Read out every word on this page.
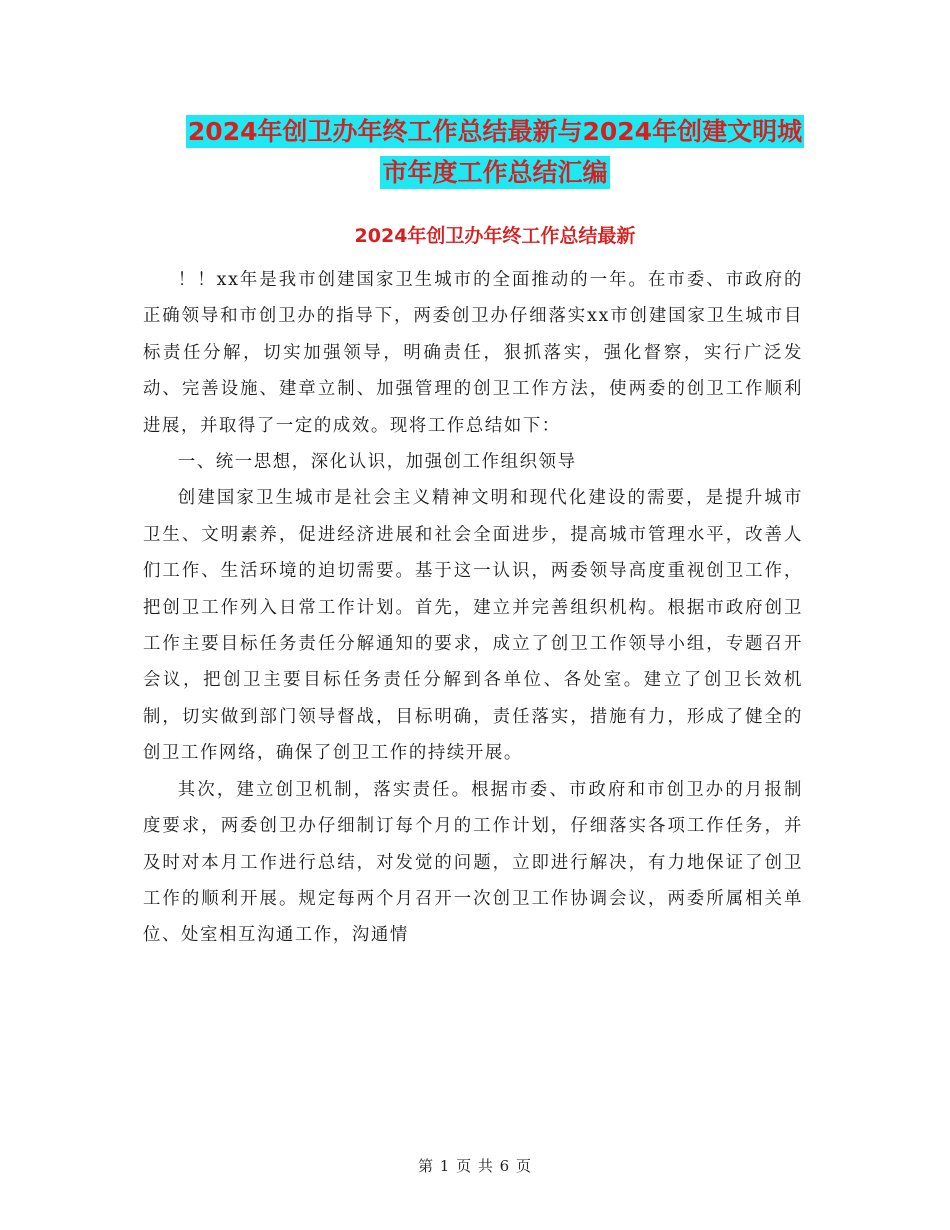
2024年创卫办年终工作总结最新与2024年创建文明城
市年度工作总结汇编
2024年创卫办年终工作总结最新

！！xx年是我市创建国家卫生城市的全面推动的一年。在市委、市政府的正确领导和市创卫办的指导下，两委创卫办仔细落实xx市创建国家卫生城市目标责任分解，切实加强领导，明确责任，狠抓落实，强化督察，实行广泛发动、完善设施、建章立制、加强管理的创卫工作方法，使两委的创卫工作顺利进展，并取得了一定的成效。现将工作总结如下：

一、统一思想，深化认识，加强创工作组织领导

创建国家卫生城市是社会主义精神文明和现代化建设的需要，是提升城市卫生、文明素养，促进经济进展和社会全面进步，提高城市管理水平，改善人们工作、生活环境的迫切需要。基于这一认识，两委领导高度重视创卫工作，把创卫工作列入日常工作计划。首先，建立并完善组织机构。根据市政府创卫工作主要目标任务责任分解通知的要求，成立了创卫工作领导小组，专题召开会议，把创卫主要目标任务责任分解到各单位、各处室。建立了创卫长效机制，切实做到部门领导督战，目标明确，责任落实，措施有力，形成了健全的创卫工作网络，确保了创卫工作的持续开展。

其次，建立创卫机制，落实责任。根据市委、市政府和市创卫办的月报制度要求，两委创卫办仔细制订每个月的工作计划，仔细落实各项工作任务，并及时对本月工作进行总结，对发觉的问题，立即进行解决，有力地保证了创卫工作的顺利开展。规定每两个月召开一次创卫工作协调会议，两委所属相关单位、处室相互沟通工作，沟通情

第 1 页 共 6 页
